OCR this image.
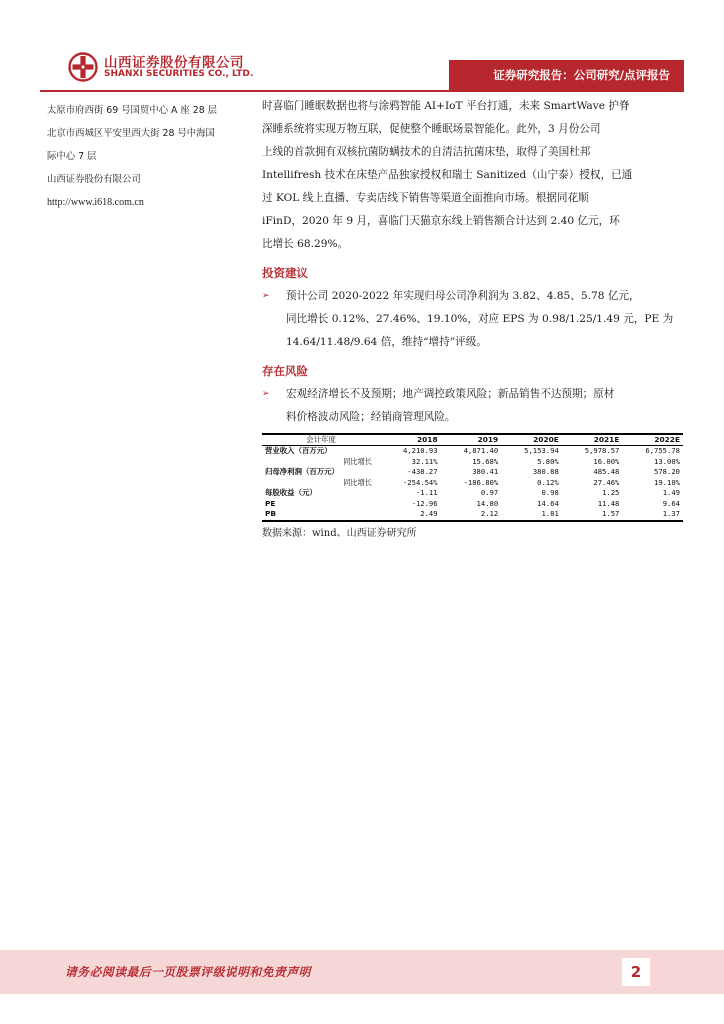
山西证券股份有限公司
SHANXI SECURITIES CO., LTD.	证券研究报告：公司研究/点评报告
太原市府西街 69 号国贸中心 A 座 28 层
北京市西城区平安里西大街 28 号中海国
际中心 7 层
山西证券股份有限公司
http://www.i618.com.cn
时喜临门睡眠数据也将与涂鸦智能 AI+IoT 平台打通，未来 SmartWave 护脊
深睡系统将实现万物互联，促使整个睡眠场景智能化。此外，3 月份公司
上线的首款拥有双核抗菌防螨技术的自清洁抗菌床垫，取得了美国杜邦
Intellifresh 技术在床垫产品独家授权和瑞士 Sanitized（山宁泰）授权，已通
过 KOL 线上直播、专卖店线下销售等渠道全面推向市场。根据同花顺
iFinD，2020 年 9 月，喜临门天猫京东线上销售额合计达到 2.40 亿元，环
比增长 68.29%。
投资建议
➢ 预计公司 2020-2022 年实现归母公司净利润为 3.82、4.85、5.78 亿元，
同比增长 0.12%、27.46%、19.10%，对应 EPS 为 0.98/1.25/1.49 元，PE 为
14.64/11.48/9.64 倍，维持“增持”评级。
存在风险
➢ 宏观经济增长不及预期；地产调控政策风险；新品销售不达预期；原材
料价格波动风险；经销商管理风险。
会计年度	2018	2019	2020E	2021E	2022E
营业收入（百万元）	4,210.93	4,871.40	5,153.94	5,978.57	6,755.78
同比增长	32.11%	15.68%	5.80%	16.00%	13.00%
归母净利润（百万元）	-438.27	380.41	380.88	485.48	578.20
同比增长	-254.54%	-186.80%	0.12%	27.46%	19.10%
每股收益（元）	-1.11	0.97	0.98	1.25	1.49
PE	-12.96	14.80	14.64	11.48	9.64
PB	2.49	2.12	1.81	1.57	1.37
数据来源：wind、山西证券研究所
请务必阅读最后一页股票评级说明和免责声明	2
